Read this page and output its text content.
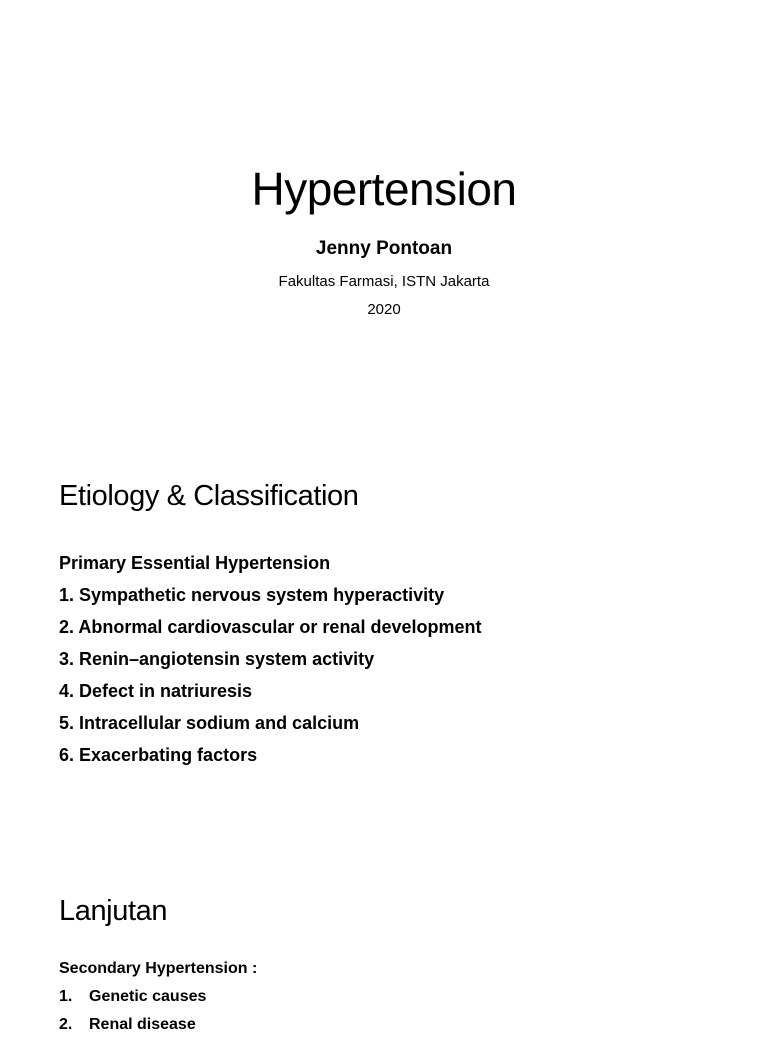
Hypertension
Jenny Pontoan
Fakultas Farmasi, ISTN Jakarta
2020
Etiology & Classification
Primary Essential Hypertension
1. Sympathetic nervous system hyperactivity
2. Abnormal cardiovascular or renal development
3. Renin–angiotensin system activity
4. Defect in natriuresis
5. Intracellular sodium and calcium
6. Exacerbating factors
Lanjutan
Secondary Hypertension :
1.	Genetic causes
2.	Renal disease
